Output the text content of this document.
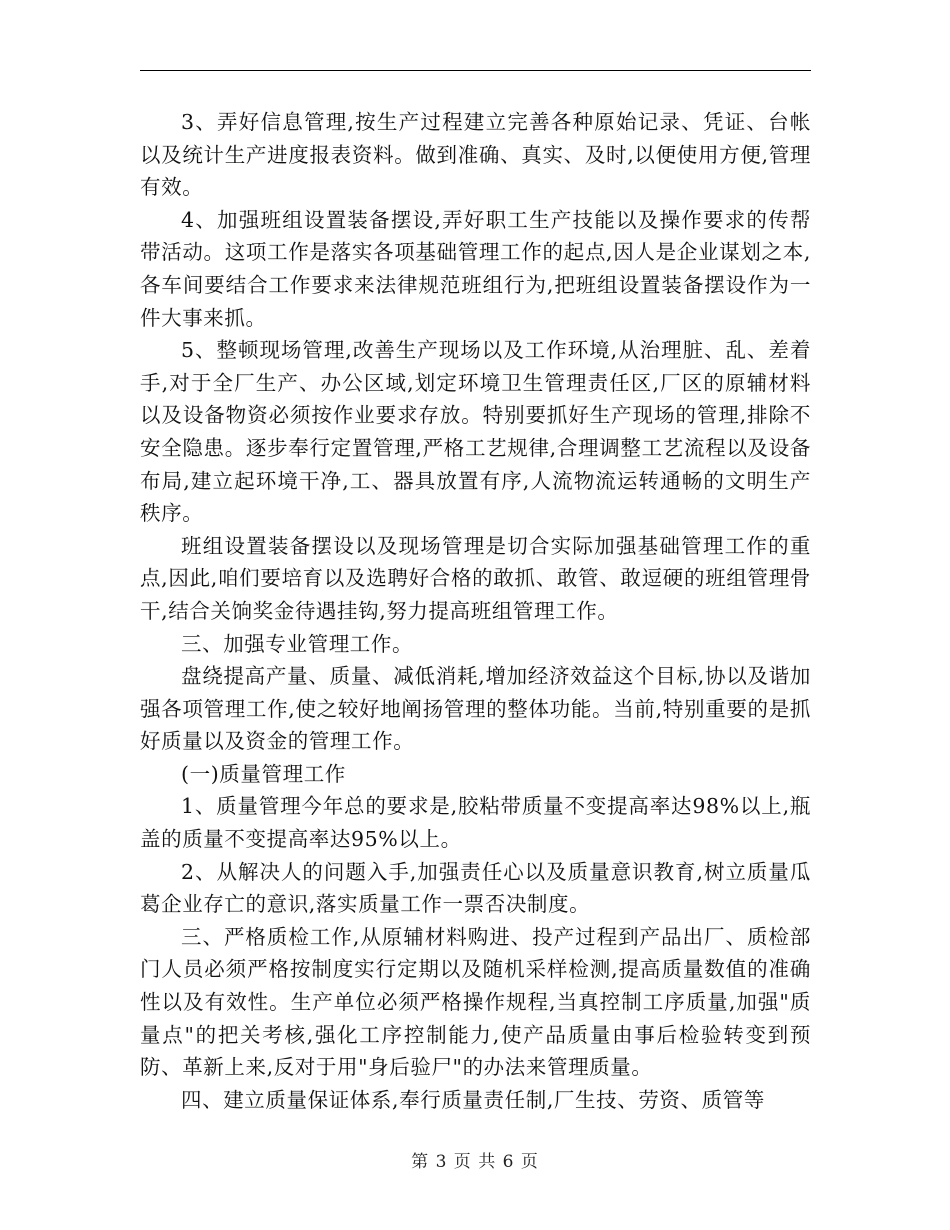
3、弄好信息管理,按生产过程建立完善各种原始记录、凭证、台帐以及统计生产进度报表资料。做到准确、真实、及时,以便使用方便,管理有效。

4、加强班组设置装备摆设,弄好职工生产技能以及操作要求的传帮带活动。这项工作是落实各项基础管理工作的起点,因人是企业谋划之本,各车间要结合工作要求来法律规范班组行为,把班组设置装备摆设作为一件大事来抓。

5、整顿现场管理,改善生产现场以及工作环境,从治理脏、乱、差着手,对于全厂生产、办公区域,划定环境卫生管理责任区,厂区的原辅材料以及设备物资必须按作业要求存放。特别要抓好生产现场的管理,排除不安全隐患。逐步奉行定置管理,严格工艺规律,合理调整工艺流程以及设备布局,建立起环境干净,工、器具放置有序,人流物流运转通畅的文明生产秩序。

班组设置装备摆设以及现场管理是切合实际加强基础管理工作的重点,因此,咱们要培育以及选聘好合格的敢抓、敢管、敢逗硬的班组管理骨干,结合关饷奖金待遇挂钩,努力提高班组管理工作。

三、加强专业管理工作。

盘绕提高产量、质量、减低消耗,增加经济效益这个目标,协以及谐加强各项管理工作,使之较好地阐扬管理的整体功能。当前,特别重要的是抓好质量以及资金的管理工作。

(一)质量管理工作

1、质量管理今年总的要求是,胶粘带质量不变提高率达98%以上,瓶盖的质量不变提高率达95%以上。

2、从解决人的问题入手,加强责任心以及质量意识教育,树立质量瓜葛企业存亡的意识,落实质量工作一票否决制度。

三、严格质检工作,从原辅材料购进、投产过程到产品出厂、质检部门人员必须严格按制度实行定期以及随机采样检测,提高质量数值的准确性以及有效性。生产单位必须严格操作规程,当真控制工序质量,加强"质量点"的把关考核,强化工序控制能力,使产品质量由事后检验转变到预防、革新上来,反对于用"身后验尸"的办法来管理质量。

四、建立质量保证体系,奉行质量责任制,厂生技、劳资、质管等

第 3 页 共 6 页
